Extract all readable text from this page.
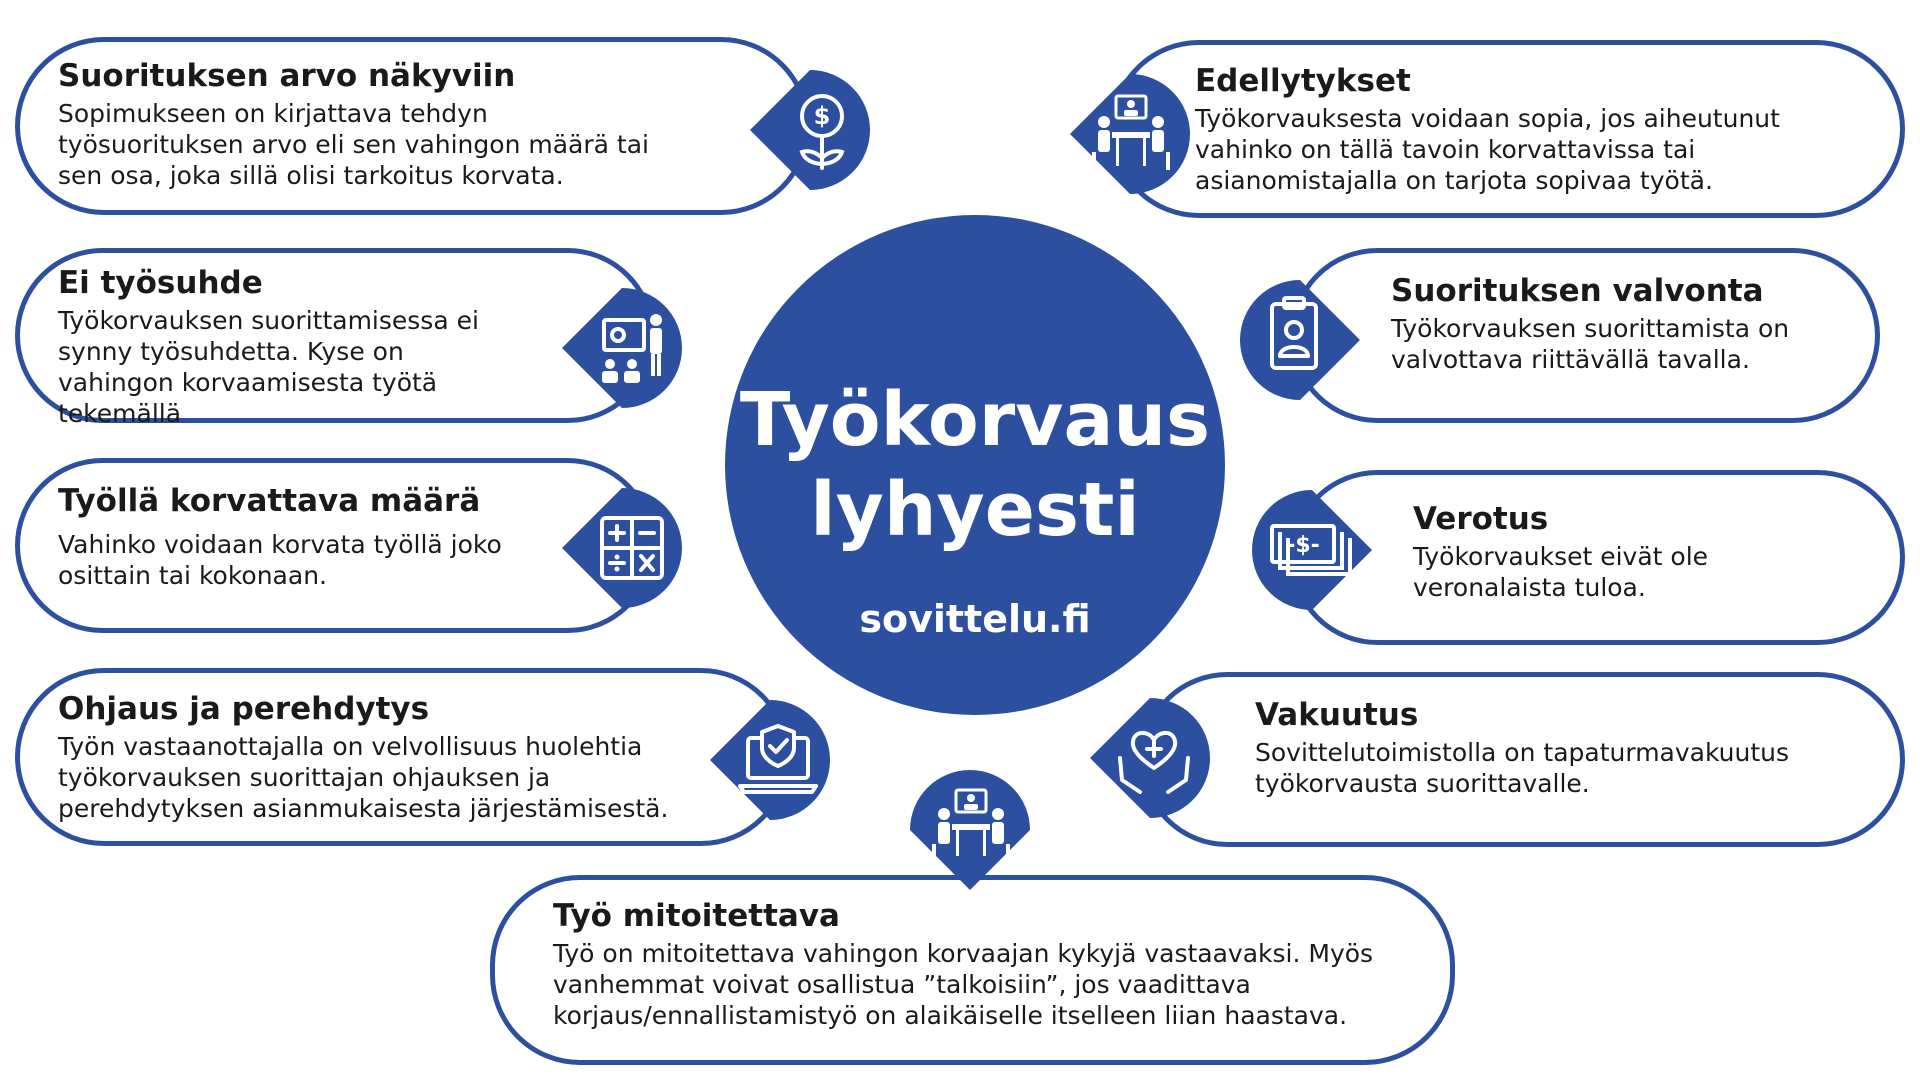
Suorituksen arvo näkyviin

Sopimukseen on kirjattava tehdyn työsuorituksen arvo eli sen vahingon määrä tai sen osa, joka sillä olisi tarkoitus korvata.

Ei työsuhde

Työkorvauksen suorittamisessa ei synny työsuhdetta. Kyse on vahingon korvaamisesta työtä tekemällä

Työllä korvattava määrä

Vahinko voidaan korvata työllä joko osittain tai kokonaan.

Ohjaus ja perehdytys

Työn vastaanottajalla on velvollisuus huolehtia työkorvauksen suorittajan ohjauksen ja perehdytyksen asianmukaisesta järjestämisestä.

Edellytykset

Työkorvauksesta voidaan sopia, jos aiheutunut vahinko on tällä tavoin korvattavissa tai asianomistajalla on tarjota sopivaa työtä.

Suorituksen valvonta

Työkorvauksen suorittamista on valvottava riittävällä tavalla.

Verotus

Työkorvaukset eivät ole veronalaista tuloa.

Vakuutus

Sovittelutoimistolla on tapaturmavakuutus työkorvausta suorittavalle.

Työ mitoitettava

Työ on mitoitettava vahingon korvaajan kykyjä vastaavaksi. Myös vanhemmat voivat osallistua ”talkoisiin”, jos vaadittava korjaus/ennallistamistyö on alaikäiselle itselleen liian haastava.

Työkorvaus
lyhyesti
sovittelu.fi
$
-$-
